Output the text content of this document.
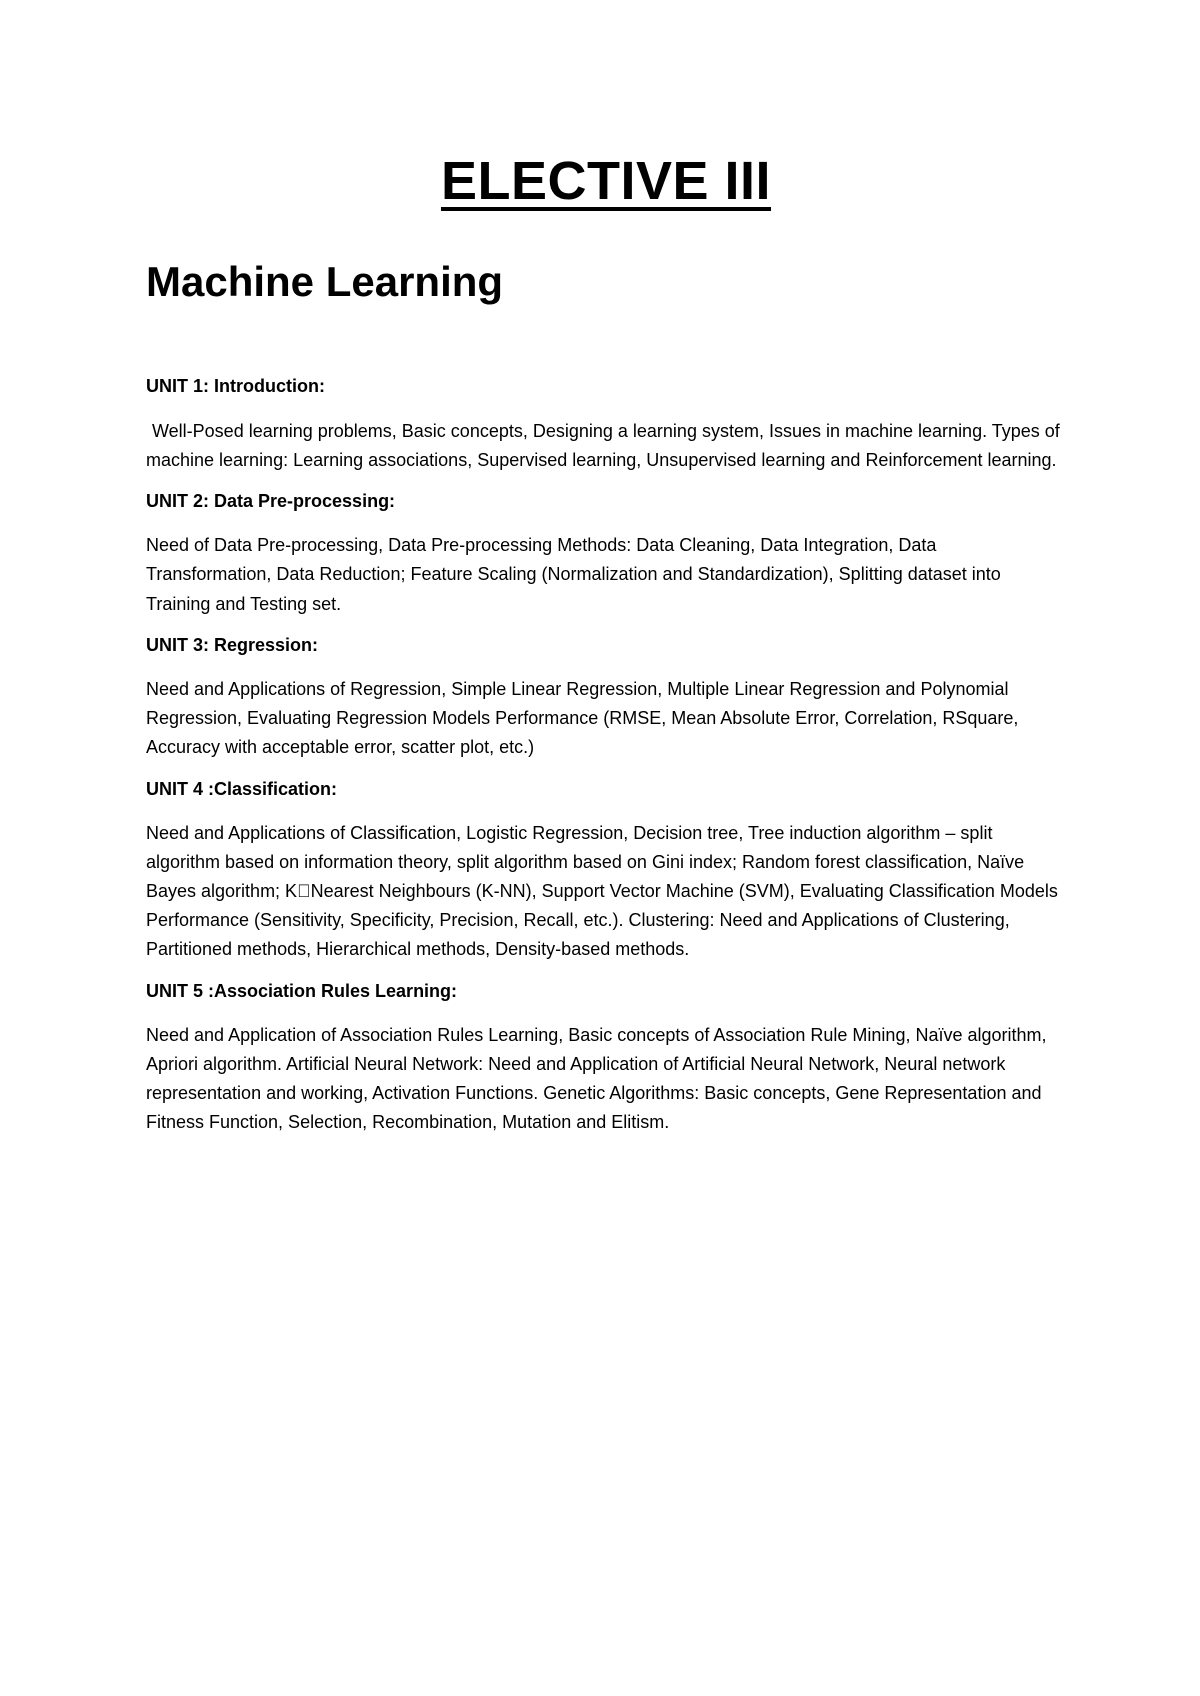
ELECTIVE III
Machine Learning

UNIT 1: Introduction:

Well-Posed learning problems, Basic concepts, Designing a learning system, Issues in machine learning. Types of machine learning: Learning associations, Supervised learning, Unsupervised learning and Reinforcement learning.

UNIT 2: Data Pre-processing:

Need of Data Pre-processing, Data Pre-processing Methods: Data Cleaning, Data Integration, Data Transformation, Data Reduction; Feature Scaling (Normalization and Standardization), Splitting dataset into Training and Testing set.

UNIT 3: Regression:

Need and Applications of Regression, Simple Linear Regression, Multiple Linear Regression and Polynomial Regression, Evaluating Regression Models Performance (RMSE, Mean Absolute Error, Correlation, RSquare, Accuracy with acceptable error, scatter plot, etc.)

UNIT 4 :Classification:

Need and Applications of Classification, Logistic Regression, Decision tree, Tree induction algorithm – split algorithm based on information theory, split algorithm based on Gini index; Random forest classification, Naïve Bayes algorithm; K Nearest Neighbours (K-NN), Support Vector Machine (SVM), Evaluating Classification Models Performance (Sensitivity, Specificity, Precision, Recall, etc.). Clustering: Need and Applications of Clustering, Partitioned methods, Hierarchical methods, Density-based methods.

UNIT 5 :Association Rules Learning:

Need and Application of Association Rules Learning, Basic concepts of Association Rule Mining, Naïve algorithm, Apriori algorithm. Artificial Neural Network: Need and Application of Artificial Neural Network, Neural network representation and working, Activation Functions. Genetic Algorithms: Basic concepts, Gene Representation and Fitness Function, Selection, Recombination, Mutation and Elitism.
